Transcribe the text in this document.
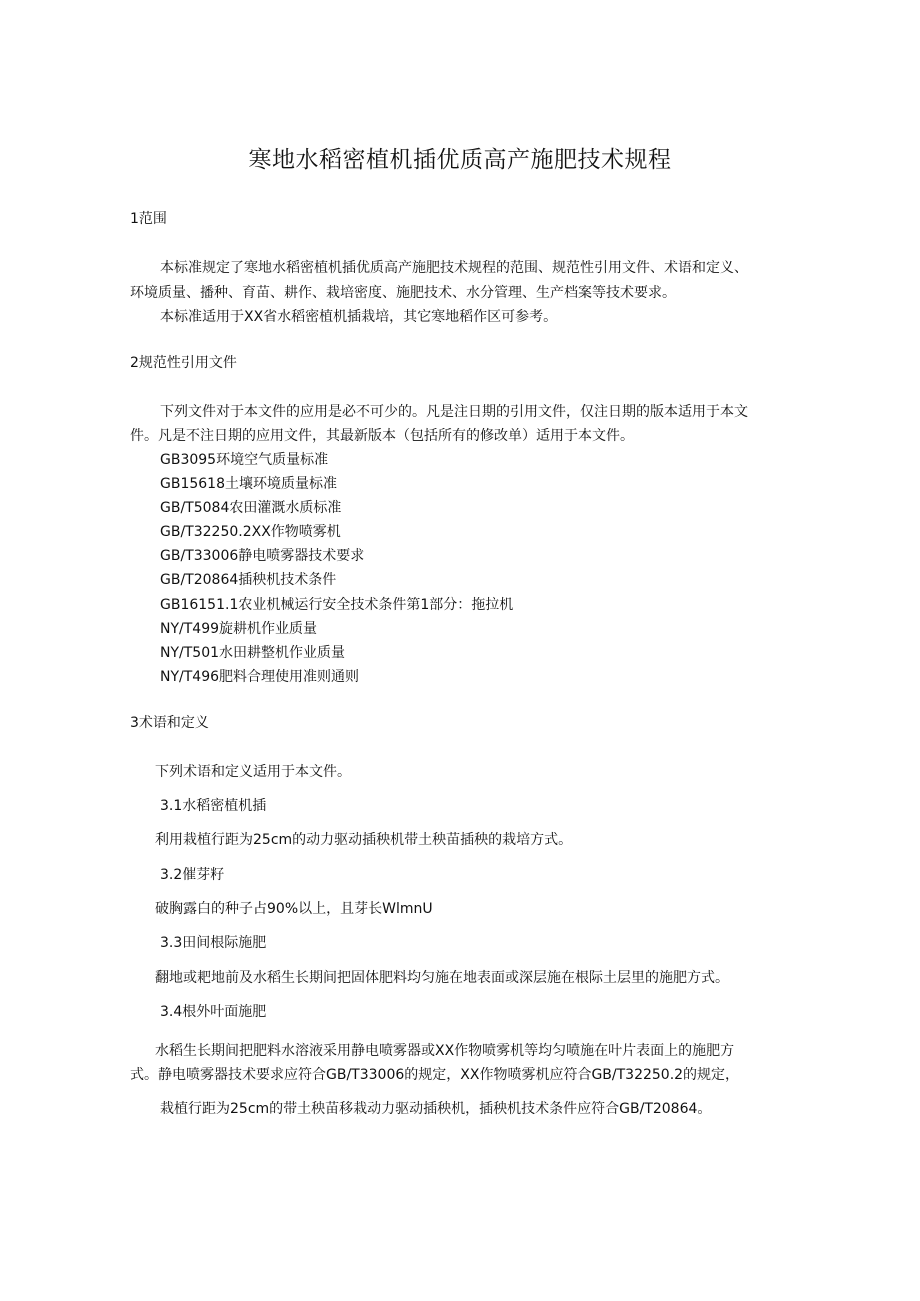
寒地水稻密植机插优质高产施肥技术规程

1范围

本标准规定了寒地水稻密植机插优质高产施肥技术规程的范围、规范性引用文件、术语和定义、

环境质量、播种、育苗、耕作、栽培密度、施肥技术、水分管理、生产档案等技术要求。

本标准适用于XX省水稻密植机插栽培，其它寒地稻作区可参考。

2规范性引用文件

下列文件对于本文件的应用是必不可少的。凡是注日期的引用文件，仅注日期的版本适用于本文

件。凡是不注日期的应用文件，其最新版本（包括所有的修改单）适用于本文件。

GB3095环境空气质量标准

GB15618土壤环境质量标准

GB/T5084农田灌溉水质标准

GB/T32250.2XX作物喷雾机

GB/T33006静电喷雾器技术要求

GB/T20864插秧机技术条件

GB16151.1农业机械运行安全技术条件第1部分：拖拉机

NY/T499旋耕机作业质量

NY/T501水田耕整机作业质量

NY/T496肥料合理使用准则通则

3术语和定义

下列术语和定义适用于本文件。

3.1水稻密植机插

利用栽植行距为25cm的动力驱动插秧机带土秧苗插秧的栽培方式。

3.2催芽籽

破胸露白的种子占90%以上，且芽长WlmnU

3.3田间根际施肥

翻地或耙地前及水稻生长期间把固体肥料均匀施在地表面或深层施在根际土层里的施肥方式。

3.4根外叶面施肥

水稻生长期间把肥料水溶液采用静电喷雾器或XX作物喷雾机等均匀喷施在叶片表面上的施肥方

式。静电喷雾器技术要求应符合GB/T33006的规定，XX作物喷雾机应符合GB/T32250.2的规定，

栽植行距为25cm的带土秧苗移栽动力驱动插秧机，插秧机技术条件应符合GB/T20864。
